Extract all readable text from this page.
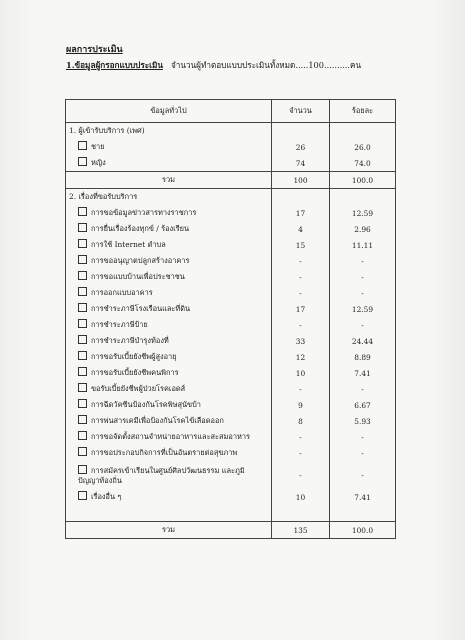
ผลการประเมิน
1.ข้อมูลผู้กรอกแบบประเมิน จำนวนผู้ทำตอบแบบประเมินทั้งหมด.....100..........คน
ข้อมูลทั่วไป	จำนวน	ร้อยละ
1. ผู้เข้ารับบริการ (เพศ)		
ชาย	26	26.0
หญิง	74	74.0
รวม	100	100.0
2. เรื่องที่ขอรับบริการ		
การขอข้อมูลข่าวสารทางราชการ	17	12.59
การยื่นเรื่องร้องทุกข์ / ร้องเรียน	4	2.96
การใช้ Internet ตำบล	15	11.11
การขออนุญาตปลูกสร้างอาคาร	-	-
การขอแบบบ้านเพื่อประชาชน	-	-
การออกแบบอาคาร	-	-
การชำระภาษีโรงเรือนและที่ดิน	17	12.59
การชำระภาษีป้าย	-	-
การชำระภาษีบำรุงท้องที่	33	24.44
การขอรับเบี้ยยังชีพผู้สูงอายุ	12	8.89
การขอรับเบี้ยยังชีพคนพิการ	10	7.41
ขอรับเบี้ยยังชีพผู้ป่วยโรคเอดส์	-	-
การฉีดวัคซีนป้องกันโรคพิษสุนัขบ้า	9	6.67
การพ่นสารเคมีเพื่อป้องกันโรคไข้เลือดออก	8	5.93
การขอจัดตั้งสถานจำหน่ายอาหารและสะสมอาหาร	-	-
การขอประกอบกิจการที่เป็นอันตรายต่อสุขภาพ	-	-

การสมัครเข้าเรียนในศูนย์ศิลปวัฒนธรรม และภูมิ
ปัญญาท้องถิ่น	-	-
เรื่องอื่น ๆ	10	7.41

รวม	135	100.0
